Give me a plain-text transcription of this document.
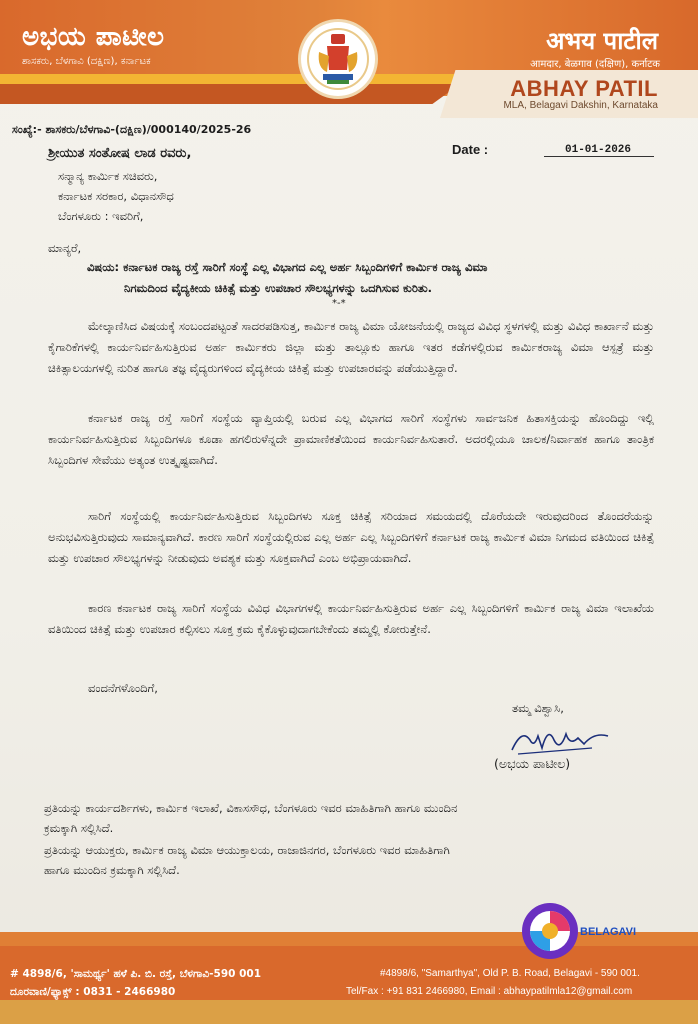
ಅಭಯ ಪಾಟೀಲ
ಶಾಸಕರು, ಬೆಳಗಾವಿ (ದಕ್ಷಿಣ), ಕರ್ನಾಟಕ
अभय पाटील
आमदार, बेळगाव (दक्षिण), कर्नाटक
ABHAY PATIL
MLA, Belagavi Dakshin, Karnataka
ಸಂಖ್ಯೆ:- ಶಾಸಕರು/ಬೆಳಗಾವಿ-(ದಕ್ಷಿಣ)/000140/2025-26
Date :	01-01-2026
ಶ್ರೀಯುತ ಸಂತೋಷ ಲಾಡ ರವರು,
ಸನ್ಮಾನ್ಯ ಕಾರ್ಮಿಕ ಸಚಿವರು,
ಕರ್ನಾಟಕ ಸರಕಾರ, ವಿಧಾನಸೌಧ
ಬೆಂಗಳೂರು : ಇವರಿಗೆ,
ಮಾನ್ಯರೆ,
ವಿಷಯ: ಕರ್ನಾಟಕ ರಾಜ್ಯ ರಸ್ತೆ ಸಾರಿಗೆ ಸಂಸ್ಥೆ ಎಲ್ಲ ವಿಭಾಗದ ಎಲ್ಲ ಅರ್ಹ ಸಿಬ್ಬಂದಿಗಳಿಗೆ ಕಾರ್ಮಿಕ ರಾಜ್ಯ ವಿಮಾ
ನಿಗಮದಿಂದ ವೈದ್ಯಕೀಯ ಚಿಕಿತ್ಸೆ ಮತ್ತು ಉಪಚಾರ ಸೌಲಭ್ಯಗಳನ್ನು ಒದಗಿಸುವ ಕುರಿತು.
*-*
ಮೇಲ್ಕಾಣಿಸಿದ ವಿಷಯಕ್ಕೆ ಸಂಬಂದಪಟ್ಟಂತೆ ಸಾದರಪಡಿಸುತ್ತ, ಕಾರ್ಮಿಕ ರಾಜ್ಯ ವಿಮಾ ಯೋಜನೆಯಲ್ಲಿ ರಾಜ್ಯದ ವಿವಿಧ ಸ್ಥಳಗಳಲ್ಲಿ ಮತ್ತು ವಿವಿಧ ಕಾರ್ಖಾನೆ ಮತ್ತು ಕೈಗಾರಿಕೆಗಳಲ್ಲಿ ಕಾರ್ಯನಿರ್ವಹಿಸುತ್ತಿರುವ ಅರ್ಹ ಕಾರ್ಮಿಕರು ಜಿಲ್ಲಾ ಮತ್ತು ತಾಲ್ಲೂಕು ಹಾಗೂ ಇತರ ಕಡೆಗಳಲ್ಲಿರುವ ಕಾರ್ಮಿಕರಾಜ್ಯ ವಿಮಾ ಆಸ್ಪತ್ರೆ ಮತ್ತು ಚಿಕಿತ್ಸಾಲಯಗಳಲ್ಲಿ ನುರಿತ ಹಾಗೂ ತಜ್ಞ ವೈದ್ಯರುಗಳಿಂದ ವೈದ್ಯಕೀಯ ಚಿಕಿತ್ಸೆ ಮತ್ತು ಉಪಚಾರವನ್ನು ಪಡೆಯುತ್ತಿದ್ದಾರೆ.
ಕರ್ನಾಟಕ ರಾಜ್ಯ ರಸ್ತೆ ಸಾರಿಗೆ ಸಂಸ್ಥೆಯ ವ್ಯಾಪ್ತಿಯಲ್ಲಿ ಬರುವ ಎಲ್ಲ ವಿಭಾಗದ ಸಾರಿಗೆ ಸಂಸ್ಥೆಗಳು ಸಾರ್ವಜನಿಕ ಹಿತಾಸಕ್ತಿಯನ್ನು ಹೊಂದಿದ್ದು ಇಲ್ಲಿ ಕಾರ್ಯನಿರ್ವಹಿಸುತ್ತಿರುವ ಸಿಬ್ಬಂದಿಗಳೂ ಕೂಡಾ ಹಗಲಿರುಳೆನ್ನದೇ ಪ್ರಾಮಾಣಿಕತೆಯಿಂದ ಕಾರ್ಯನಿರ್ವಹಿಸುತಾರೆ. ಅದರಲ್ಲಿಯೂ ಚಾಲಕ/ನಿರ್ವಾಹಕ ಹಾಗೂ ತಾಂತ್ರಿಕ ಸಿಬ್ಬಂದಿಗಳ ಸೇವೆಯು ಅತ್ಯಂತ ಉತ್ಕೃಷ್ಟವಾಗಿದೆ.
ಸಾರಿಗೆ ಸಂಸ್ಥೆಯಲ್ಲಿ ಕಾರ್ಯನಿರ್ವಹಿಸುತ್ತಿರುವ ಸಿಬ್ಬಂದಿಗಳು ಸೂಕ್ತ ಚಿಕಿತ್ಸೆ ಸರಿಯಾದ ಸಮಯದಲ್ಲಿ ದೊರೆಯದೇ ಇರುವುದರಿಂದ ತೊಂದರೆಯನ್ನು ಅನುಭವಿಸುತ್ತಿರುವುದು ಸಾಮಾನ್ಯವಾಗಿದೆ. ಕಾರಣ ಸಾರಿಗೆ ಸಂಸ್ಥೆಯಲ್ಲಿರುವ ಎಲ್ಲ ಅರ್ಹ ಎಲ್ಲ ಸಿಬ್ಬಂದಿಗಳಿಗೆ ಕರ್ನಾಟಕ ರಾಜ್ಯ ಕಾರ್ಮಿಕ ವಿಮಾ ನಿಗಮದ ವತಿಯಿಂದ ಚಿಕಿತ್ಸೆ ಮತ್ತು ಉಪಚಾರ ಸೌಲಭ್ಯಗಳನ್ನು ನೀಡುವುದು ಅವಶ್ಯಕ ಮತ್ತು ಸೂಕ್ತವಾಗಿದೆ ಎಂಬ ಅಭಿಪ್ರಾಯವಾಗಿದೆ.
ಕಾರಣ ಕರ್ನಾಟಕ ರಾಜ್ಯ ಸಾರಿಗೆ ಸಂಸ್ಥೆಯ ವಿವಿಧ ವಿಭಾಗಗಳಲ್ಲಿ ಕಾರ್ಯನಿರ್ವಹಿಸುತ್ತಿರುವ ಅರ್ಹ ಎಲ್ಲ ಸಿಬ್ಬಂದಿಗಳಿಗೆ ಕಾರ್ಮಿಕ ರಾಜ್ಯ ವಿಮಾ ಇಲಾಖೆಯ ವತಿಯಿಂದ ಚಿಕಿತ್ಸೆ ಮತ್ತು ಉಪಚಾರ ಕಲ್ಪಿಸಲು ಸೂಕ್ತ ಕ್ರಮ ಕೈಕೊಳ್ಳುವುದಾಗಬೇಕೆಂದು ತಮ್ಮಲ್ಲಿ ಕೋರುತ್ತೇನೆ.
ವಂದನೆಗಳೊಂದಿಗೆ,
ತಮ್ಮ ವಿಶ್ವಾಸಿ,
(ಅಭಯ ಪಾಟೀಲ)
ಪ್ರತಿಯನ್ನು ಕಾರ್ಯದರ್ಶಿಗಳು, ಕಾರ್ಮಿಕ ಇಲಾಖೆ, ವಿಕಾಸಸೌಧ, ಬೆಂಗಳೂರು ಇವರ ಮಾಹಿತಿಗಾಗಿ ಹಾಗೂ ಮುಂದಿನ
ಕ್ರಮಕ್ಕಾಗಿ ಸಲ್ಲಿಸಿದೆ.
ಪ್ರತಿಯನ್ನು ಆಯುಕ್ತರು, ಕಾರ್ಮಿಕ ರಾಜ್ಯ ವಿಮಾ ಆಯುಕ್ತಾಲಯ, ರಾಜಾಜಿನಗರ, ಬೆಂಗಳೂರು ಇವರ ಮಾಹಿತಿಗಾಗಿ
ಹಾಗೂ ಮುಂದಿನ ಕ್ರಮಕ್ಕಾಗಿ ಸಲ್ಲಿಸಿದೆ.
# 4898/6, 'ಸಾಮರ್ಥ್ಯ' ಹಳೆ ಪಿ. ಬಿ. ರಸ್ತೆ, ಬೆಳಗಾವಿ-590 001
ದೂರವಾಣಿ/ಫ್ಯಾಕ್ಸ್ : 0831 - 2466980
#4898/6, "Samarthya", Old P. B. Road, Belagavi - 590 001.
Tel/Fax : +91 831 2466980, Email : abhaypatilmla12@gmail.com
BELAGAVI
